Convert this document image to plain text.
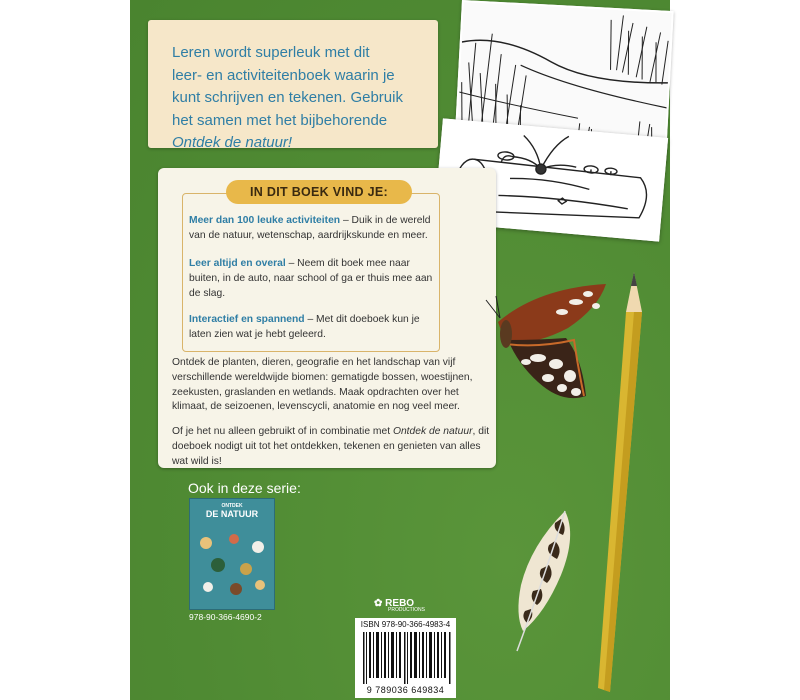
Leren wordt superleuk met dit
leer- en activiteitenboek waarin je
kunt schrijven en tekenen. Gebruik
het samen met het bijbehorende
Ontdek de natuur!
IN DIT BOEK VIND JE:
Meer dan 100 leuke activiteiten – Duik in de wereld van de natuur, wetenschap, aardrijkskunde en meer.
Leer altijd en overal – Neem dit boek mee naar buiten, in de auto, naar school of ga er thuis mee aan de slag.
Interactief en spannend – Met dit doeboek kun je laten zien wat je hebt geleerd.
Ontdek de planten, dieren, geografie en het landschap van vijf verschillende wereldwijde biomen: gematigde bossen, woestijnen, zeekusten, graslanden en wetlands. Maak opdrachten over het klimaat, de seizoenen, levenscycli, anatomie en nog veel meer.
Of je het nu alleen gebruikt of in combinatie met Ontdek de natuur, dit doeboek nodigt uit tot het ontdekken, tekenen en genieten van alles wat wild is!
Ook in deze serie:
ONTDEK
DE NATUUR
978-90-366-4690-2
✿ REBO
PRODUCTIONS
ISBN 978-90-366-4983-4
9 789036 649834
